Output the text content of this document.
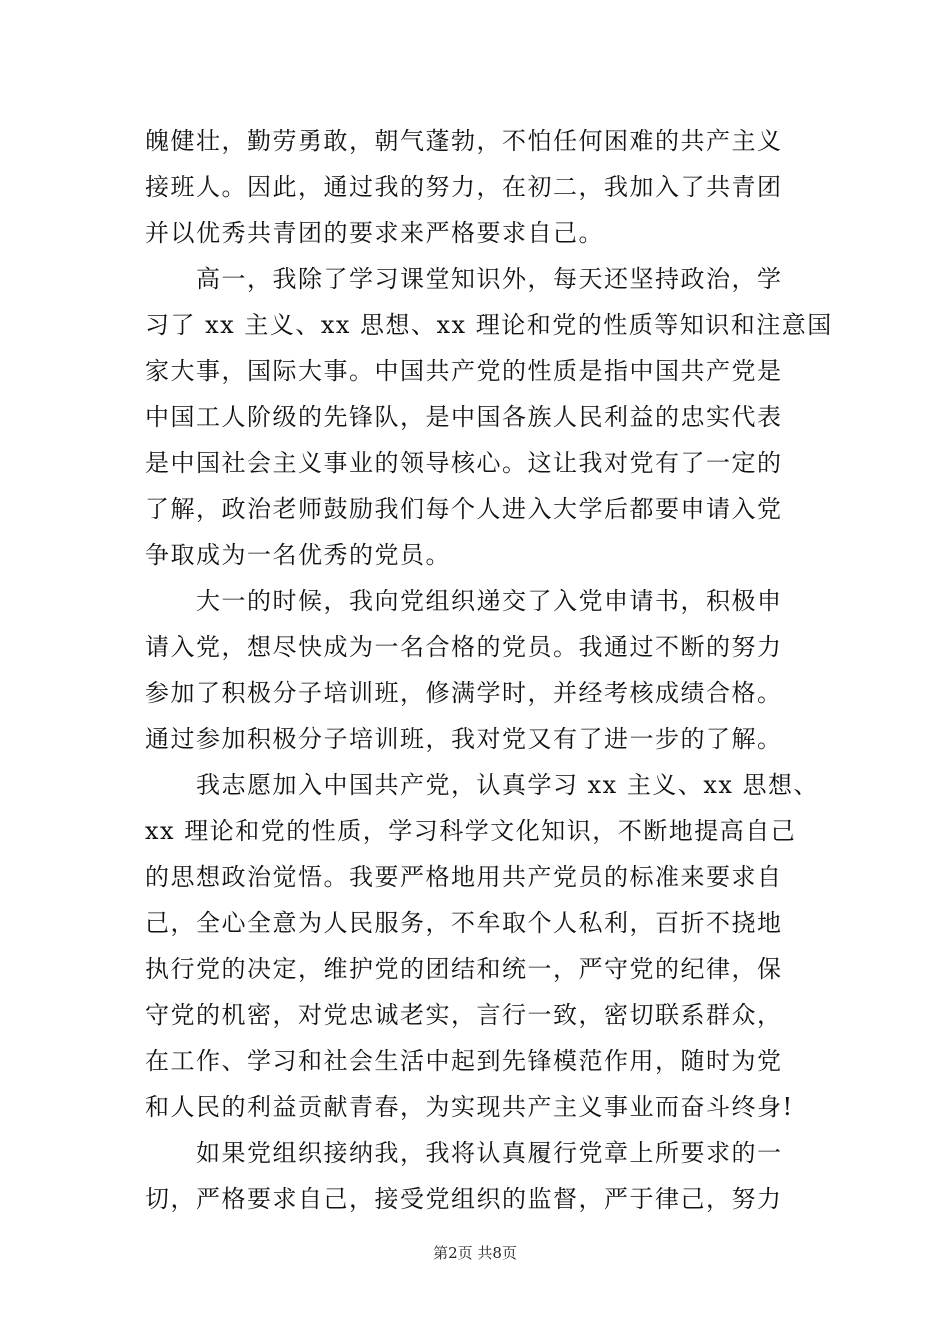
魄健壮，勤劳勇敢，朝气蓬勃，不怕任何困难的共产主义
接班人。因此，通过我的努力，在初二，我加入了共青团
并以优秀共青团的要求来严格要求自己。
　　高一，我除了学习课堂知识外，每天还坚持政治，学
习了 xx 主义、xx 思想、xx 理论和党的性质等知识和注意国
家大事，国际大事。中国共产党的性质是指中国共产党是
中国工人阶级的先锋队，是中国各族人民利益的忠实代表
是中国社会主义事业的领导核心。这让我对党有了一定的
了解，政治老师鼓励我们每个人进入大学后都要申请入党
争取成为一名优秀的党员。
　　大一的时候，我向党组织递交了入党申请书，积极申
请入党，想尽快成为一名合格的党员。我通过不断的努力
参加了积极分子培训班，修满学时，并经考核成绩合格。
通过参加积极分子培训班，我对党又有了进一步的了解。
　　我志愿加入中国共产党，认真学习 xx 主义、xx 思想、
xx 理论和党的性质，学习科学文化知识，不断地提高自己
的思想政治觉悟。我要严格地用共产党员的标准来要求自
己，全心全意为人民服务，不牟取个人私利，百折不挠地
执行党的决定，维护党的团结和统一，严守党的纪律，保
守党的机密，对党忠诚老实，言行一致，密切联系群众，
在工作、学习和社会生活中起到先锋模范作用，随时为党
和人民的利益贡献青春，为实现共产主义事业而奋斗终身!
　　如果党组织接纳我，我将认真履行党章上所要求的一
切，严格要求自己，接受党组织的监督，严于律己，努力
第2页 共8页
